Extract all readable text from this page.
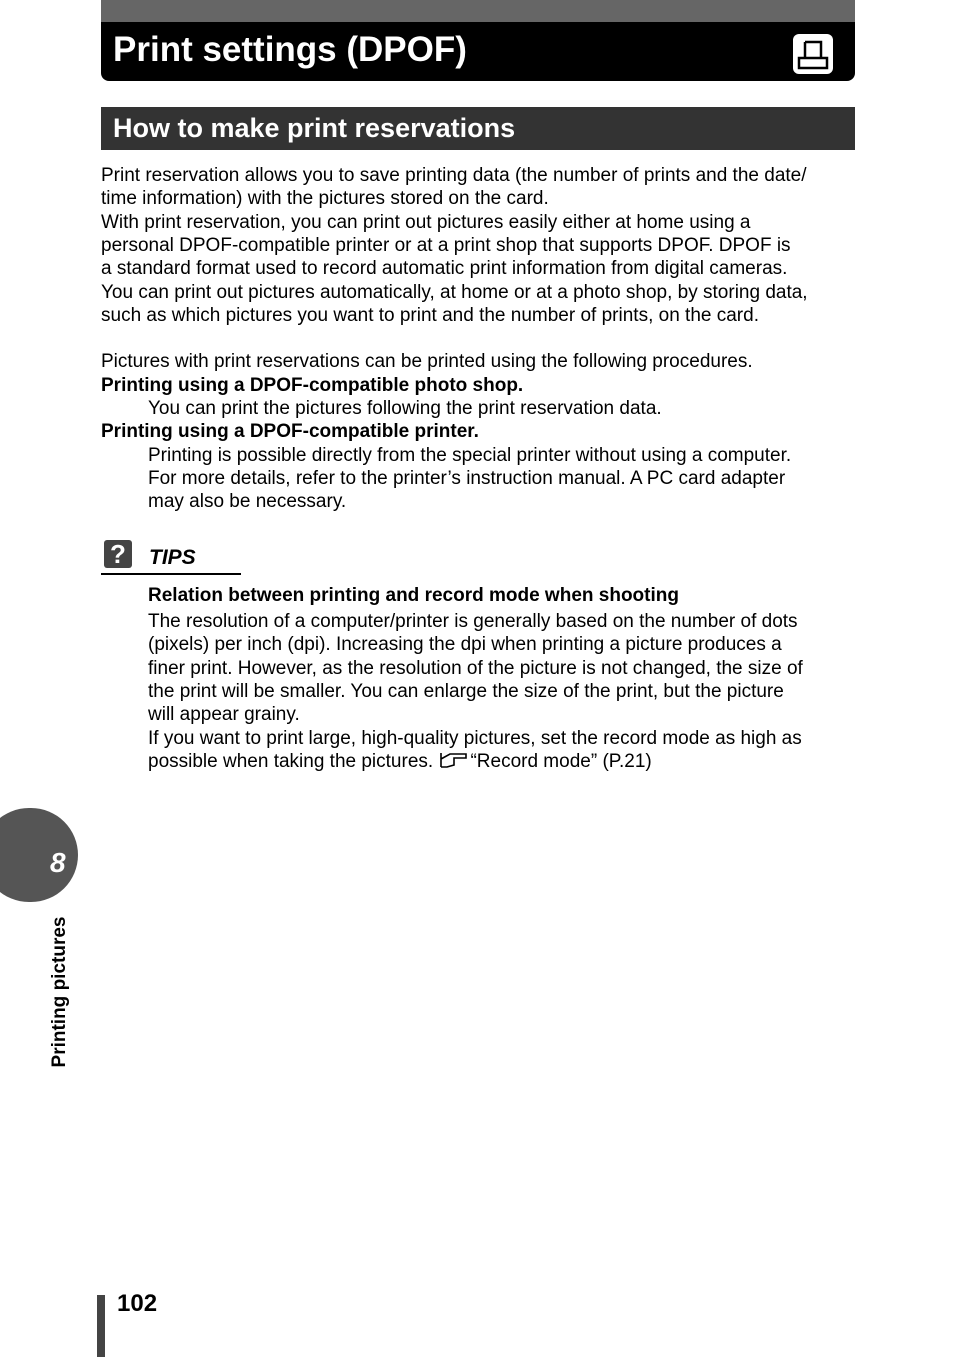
Print settings (DPOF)
How to make print reservations
Print reservation allows you to save printing data (the number of prints and the date/
time information) with the pictures stored on the card.
With print reservation, you can print out pictures easily either at home using a
personal DPOF-compatible printer or at a print shop that supports DPOF. DPOF is
a standard format used to record automatic print information from digital cameras.
You can print out pictures automatically, at home or at a photo shop, by storing data,
such as which pictures you want to print and the number of prints, on the card.
Pictures with print reservations can be printed using the following procedures.
Printing using a DPOF-compatible photo shop.
You can print the pictures following the print reservation data.
Printing using a DPOF-compatible printer.
Printing is possible directly from the special printer without using a computer.
For more details, refer to the printer’s instruction manual. A PC card adapter
may also be necessary.
? TIPS
Relation between printing and record mode when shooting
The resolution of a computer/printer is generally based on the number of dots
(pixels) per inch (dpi). Increasing the dpi when printing a picture produces a
finer print. However, as the resolution of the picture is not changed, the size of
the print will be smaller. You can enlarge the size of the print, but the picture
will appear grainy.
If you want to print large, high-quality pictures, set the record mode as high as
possible when taking the pictures. “Record mode” (P.21)
8
Printing pictures
102
